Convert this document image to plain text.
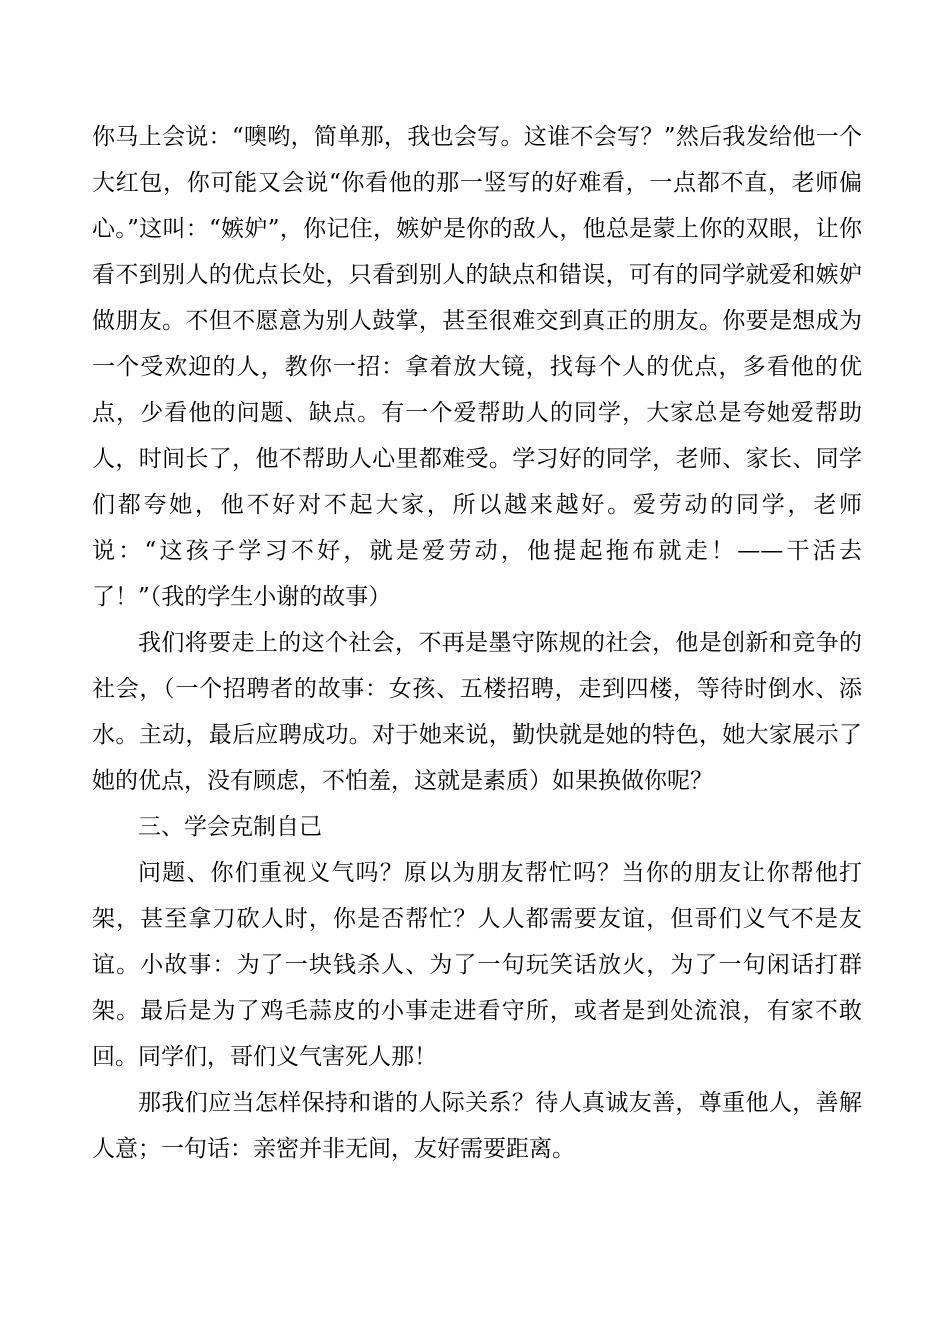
你马上会说：“噢哟，简单那，我也会写。这谁不会写？”然后我发给他一个大红包，你可能又会说“你看他的那一竖写的好难看，一点都不直，老师偏心。”这叫：“嫉妒”，你记住，嫉妒是你的敌人，他总是蒙上你的双眼，让你看不到别人的优点长处，只看到别人的缺点和错误，可有的同学就爱和嫉妒做朋友。不但不愿意为别人鼓掌，甚至很难交到真正的朋友。你要是想成为一个受欢迎的人，教你一招：拿着放大镜，找每个人的优点，多看他的优点，少看他的问题、缺点。有一个爱帮助人的同学，大家总是夸她爱帮助人，时间长了，他不帮助人心里都难受。学习好的同学，老师、家长、同学们都夸她，他不好对不起大家，所以越来越好。爱劳动的同学，老师说：“这孩子学习不好，就是爱劳动，他提起拖布就走！——干活去了！”（我的学生小谢的故事）

我们将要走上的这个社会，不再是墨守陈规的社会，他是创新和竞争的社会，（一个招聘者的故事：女孩、五楼招聘，走到四楼，等待时倒水、添水。主动，最后应聘成功。对于她来说，勤快就是她的特色，她大家展示了她的优点，没有顾虑，不怕羞，这就是素质）如果换做你呢？

三、学会克制自己

问题、你们重视义气吗？原以为朋友帮忙吗？当你的朋友让你帮他打架，甚至拿刀砍人时，你是否帮忙？人人都需要友谊，但哥们义气不是友谊。小故事：为了一块钱杀人、为了一句玩笑话放火，为了一句闲话打群架。最后是为了鸡毛蒜皮的小事走进看守所，或者是到处流浪，有家不敢回。同学们，哥们义气害死人那！

那我们应当怎样保持和谐的人际关系？待人真诚友善，尊重他人，善解人意；一句话：亲密并非无间，友好需要距离。
